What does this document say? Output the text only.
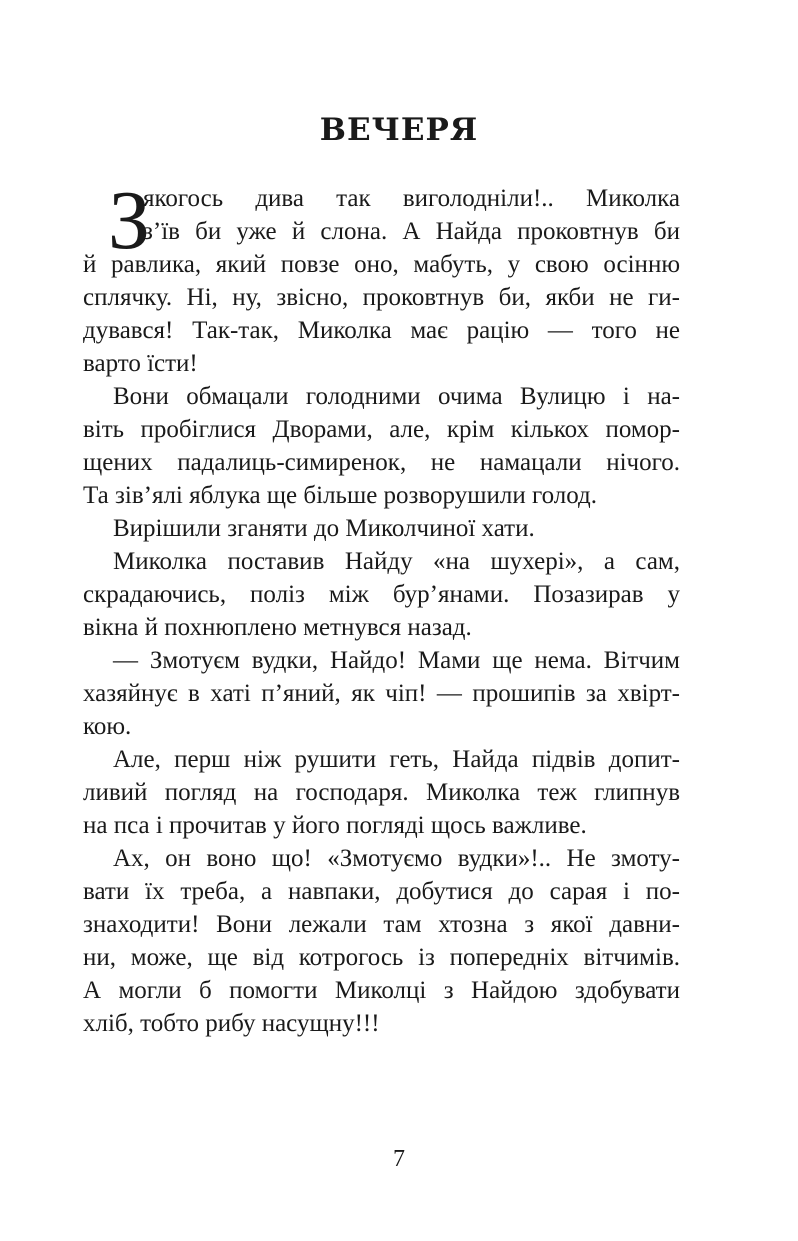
ВЕЧЕРЯ
З
якогось дива так виголодніли!.. Миколка
з’їв би уже й слона. А Найда проковтнув би
й равлика, який повзе оно, мабуть, у свою осінню
сплячку. Ні, ну, звісно, проковтнув би, якби не ги-
дувався! Так-так, Миколка має рацію — того не
варто їсти!
Вони обмацали голодними очима Вулицю і на-
віть пробіглися Дворами, але, крім кількох помор-
щених падалиць-симиренок, не намацали нічого.
Та зів’ялі яблука ще більше розворушили голод.
Вирішили зганяти до Миколчиної хати.
Миколка поставив Найду «на шухері», а сам,
скрадаючись, поліз між бур’янами. Позазирав у
вікна й похнюплено метнувся назад.
— Змотуєм вудки, Найдо! Мами ще нема. Вітчим
хазяйнує в хаті п’яний, як чіп! — прошипів за хвірт-
кою.
Але, перш ніж рушити геть, Найда підвів допит-
ливий погляд на господаря. Миколка теж глипнув
на пса і прочитав у його погляді щось важливе.
Ах, он воно що! «Змотуємо вудки»!.. Не змоту-
вати їх треба, а навпаки, добутися до сарая і по-
знаходити! Вони лежали там хтозна з якої давни-
ни, може, ще від котрогось із попередніх вітчимів.
А могли б помогти Миколці з Найдою здобувати
хліб, тобто рибу насущну!!!
7
